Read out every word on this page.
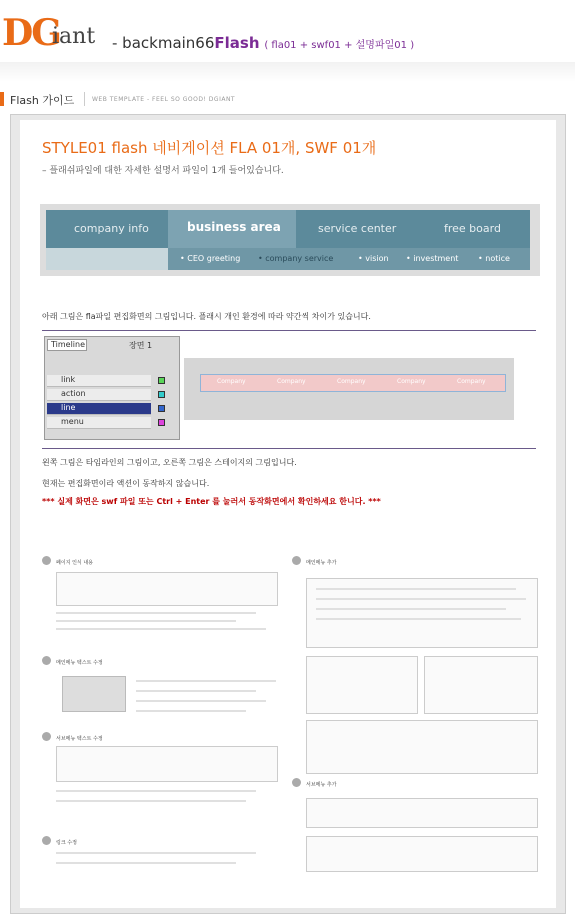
DG
iant - backmain66Flash ( fla01 + swf01 + 설명파일01 )
Flash 가이드	WEB TEMPLATE - FEEL SO GOOD! DGIANT
STYLE01 flash 네비게이션 FLA 01개, SWF 01개
– 플래쉬파일에 대한 자세한 설명서 파일이 1개 들어있습니다.
company info	business area	service center	free board
• CEO greeting • company service	• vision • investment • notice
아래 그림은 fla파일 편집화면의 그림입니다. 플래시 개인 환경에 따라 약간씩 차이가 있습니다.
Timeline	장면 1
link
action
line
menu
Company	Company	Company	Company	Company
왼쪽 그림은 타임라인의 그림이고, 오른쪽 그림은 스테이지의 그림입니다.
현재는 편집화면이라 액션이 동작하지 않습니다.
*** 실제 화면은 swf 파일 또는 Ctrl + Enter 를 눌러서 동작화면에서 확인하세요 한니다. ***
페이지 인식 내용
메인메뉴 텍스트 수정
서브메뉴 텍스트 수정
링크 수정
메인메뉴 추가
서브메뉴 추가
